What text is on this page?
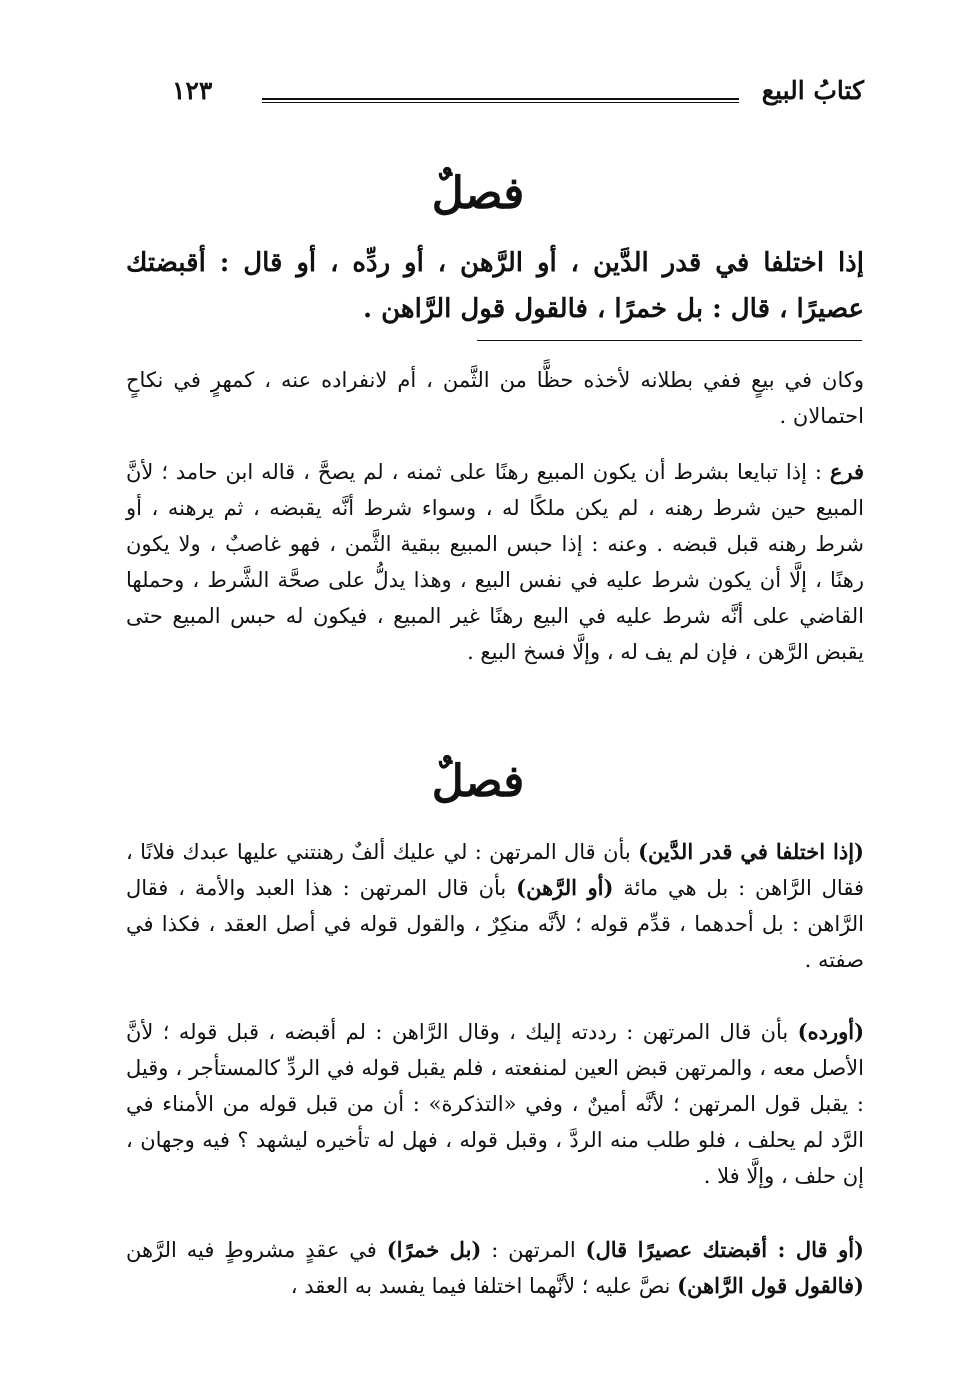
كتابُ البيع
١٢٣
فصلٌ
إذا اختلفا في قدر الدَّين ، أو الرَّهن ، أو ردِّه ، أو قال : أقبضتك عصيرًا ، قال : بل خمرًا ، فالقول قول الرَّاهن .

وكان في بيعٍ ففي بطلانه لأخذه حظًّا من الثَّمن ، أم لانفراده عنه ، كمهرٍ في نكاحٍ احتمالان .

فرع : إذا تبايعا بشرط أن يكون المبيع رهنًا على ثمنه ، لم يصحَّ ، قاله ابن حامد ؛ لأنَّ المبيع حين شرط رهنه ، لم يكن ملكًا له ، وسواء شرط أنَّه يقبضه ، ثم يرهنه ، أو شرط رهنه قبل قبضه . وعنه : إذا حبس المبيع ببقية الثَّمن ، فهو غاصبٌ ، ولا يكون رهنًا ، إلَّا أن يكون شرط عليه في نفس البيع ، وهذا يدلُّ على صحَّة الشَّرط ، وحملها القاضي على أنَّه شرط عليه في البيع رهنًا غير المبيع ، فيكون له حبس المبيع حتى يقبض الرَّهن ، فإن لم يف له ، وإلَّا فسخ البيع .

فصلٌ

(إذا اختلفا في قدر الدَّين) بأن قال المرتهن : لي عليك ألفٌ رهنتني عليها عبدك فلانًا ، فقال الرَّاهن : بل هي مائة (أو الرَّهن) بأن قال المرتهن : هذا العبد والأمة ، فقال الرَّاهن : بل أحدهما ، قدِّم قوله ؛ لأنَّه منكِرٌ ، والقول قوله في أصل العقد ، فكذا في صفته .

(أورده) بأن قال المرتهن : رددته إليك ، وقال الرَّاهن : لم أقبضه ، قبل قوله ؛ لأنَّ الأصل معه ، والمرتهن قبض العين لمنفعته ، فلم يقبل قوله في الردِّ كالمستأجر ، وقيل : يقبل قول المرتهن ؛ لأنَّه أمينٌ ، وفي «التذكرة» : أن من قبل قوله من الأمناء في الرَّد لم يحلف ، فلو طلب منه الردَّ ، وقبل قوله ، فهل له تأخيره ليشهد ؟ فيه وجهان ، إن حلف ، وإلَّا فلا .

(أو قال : أقبضتك عصيرًا قال) المرتهن : (بل خمرًا) في عقدٍ مشروطٍ فيه الرَّهن (فالقول قول الرَّاهن) نصَّ عليه ؛ لأنَّهما اختلفا فيما يفسد به العقد ،
